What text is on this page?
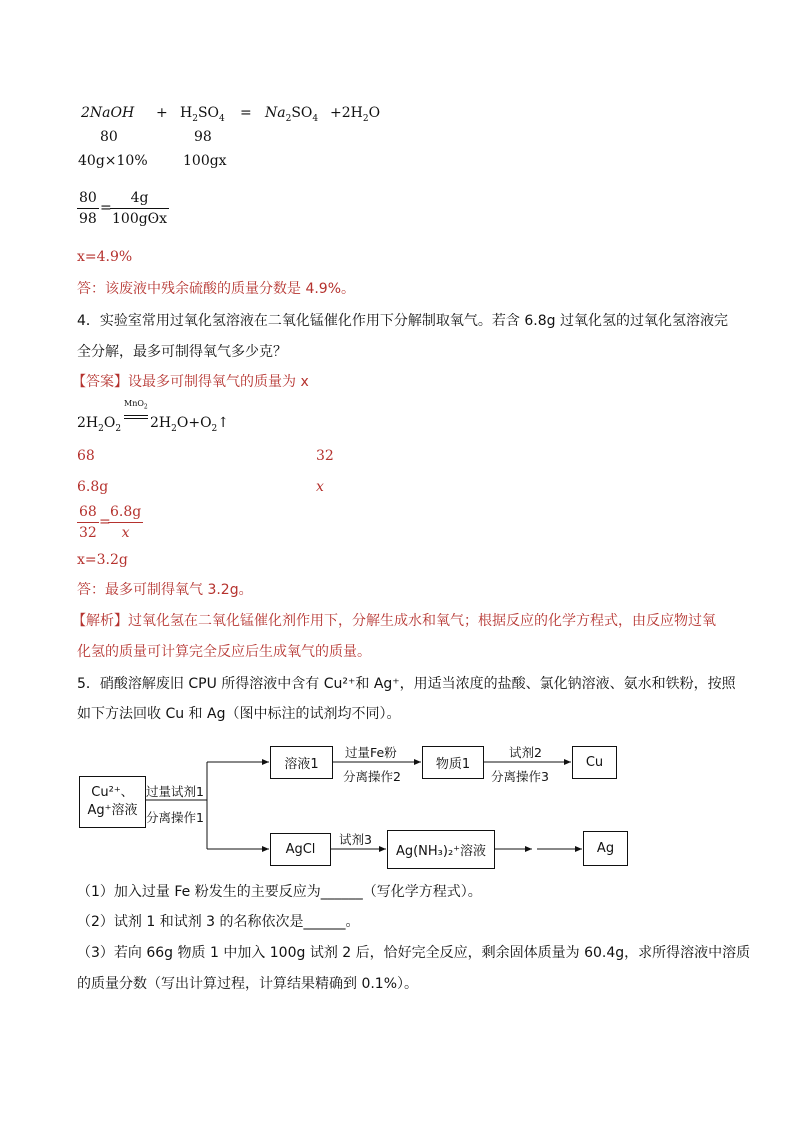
2NaOH + $H_2SO_4 = Na_2SO_4 +2H_2O$
80	98
40g×10%	100gx
80
98
=
4g
100gʘx
x=4.9%
答：该废液中残余硫酸的质量分数是 4.9%。
4．实验室常用过氧化氢溶液在二氧化锰催化作用下分解制取氧气。若含 6.8g 过氧化氢的过氧化氢溶液完
全分解，最多可制得氧气多少克？
【答案】设最多可制得氧气的质量为 x
MnO$_2$
$2H_2O_2$ $2H_2O+O_2↑$
68	32
6.8g	x
68
32
=
6.8g
x
x=3.2g
答：最多可制得氧气 3.2g。
【解析】过氧化氢在二氧化锰催化剂作用下，分解生成水和氧气；根据反应的化学方程式，由反应物过氧
化氢的质量可计算完全反应后生成氧气的质量。
5．硝酸溶解废旧 CPU 所得溶液中含有 Cu²⁺和 Ag⁺，用适当浓度的盐酸、氯化钠溶液、氨水和铁粉，按照
如下方法回收 Cu 和 Ag（图中标注的试剂均不同）。
Cu²⁺、
Ag⁺溶液
过量试剂1
分离操作1
溶液1
过量Fe粉
分离操作2
物质1
试剂2
分离操作3
Cu
AgCl
试剂3
Ag(NH₃)₂⁺溶液	Ag
（1）加入过量 Fe 粉发生的主要反应为______（写化学方程式）。
（2）试剂 1 和试剂 3 的名称依次是______。
（3）若向 66g 物质 1 中加入 100g 试剂 2 后，恰好完全反应，剩余固体质量为 60.4g，求所得溶液中溶质
的质量分数（写出计算过程，计算结果精确到 0.1%）。
